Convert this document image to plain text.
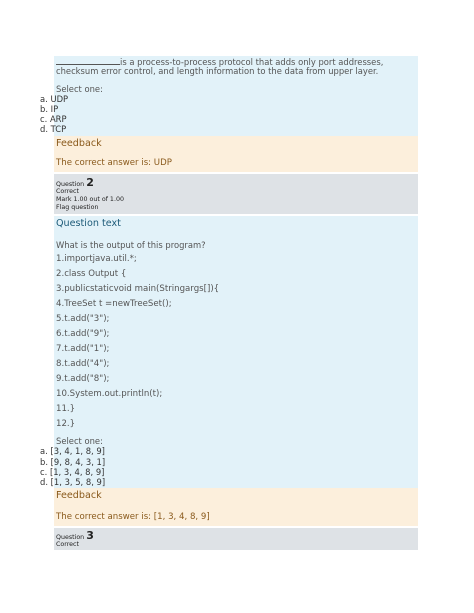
is a process-to-process protocol that adds only port addresses,
checksum error control, and length information to the data from upper layer.
Select one:
a. UDP
b. IP
c. ARP
d. TCP
Feedback
The correct answer is: UDP
Question 2
Correct
Mark 1.00 out of 1.00
Flag question
Question text
What is the output of this program?
1.importjava.util.*;
2.class Output {
3.publicstaticvoid main(Stringargs[]){
4.TreeSet t =newTreeSet();
5.t.add("3");
6.t.add("9");
7.t.add("1");
8.t.add("4");
9.t.add("8");
10.System.out.println(t);
11.}
12.}
Select one:
a. [3, 4, 1, 8, 9]
b. [9, 8, 4, 3, 1]
c. [1, 3, 4, 8, 9]
d. [1, 3, 5, 8, 9]
Feedback
The correct answer is: [1, 3, 4, 8, 9]
Question 3
Correct
